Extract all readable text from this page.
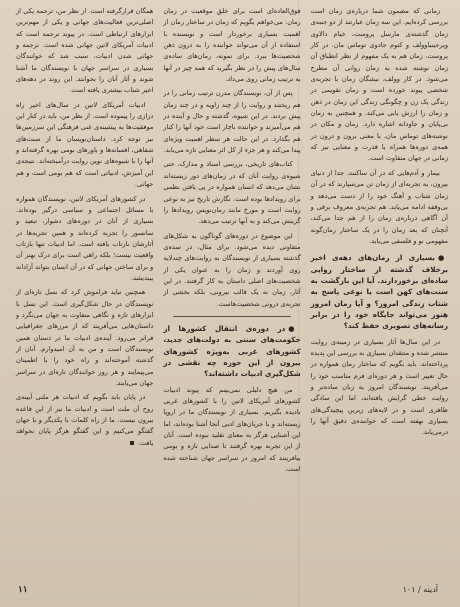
زمانی که مضمون شما درباره‌ی زمان است بررسی کرده‌ایم. این سه زمان عبارتند از دو جنبه‌ی زمان گذشته‌ی مارسل پروست، خیام دالاوی ویرجینیاوولف و کتوم جادوی توماس مان. در کار پروست، زمان هم به یک مفهوم از نظر انطباق آن زمان نوشته شده به زمان روانی آن مطرح می‌شود. در کار وولف، نیشگان زمان با تجربه‌ی شخصی پیوند خورده است و زمان تقویمی در زندگی یک زن و چگونگی زندگی این زمان در ذهن و زمان را ارزش یابی می‌کند. و همچنین به زمان بی‌پایان و جاودانه اشاره دارد. زمان و مکان در نوشته‌های توماس مان، با معنی برون و درون در همه‌ی دوره‌ها همراه با قدرت و معنایی نیز که زمانی در جهان متفاوت است.

بیمار و آدم‌هایی که در آن ساکنند، جدا از دنیای بیرون، به تجربه‌ای از زمان تن می‌سپارند که در آن زمان شتاب و آهنگ خود را از دست می‌دهد و بی‌وقفه ادامه می‌یابد. هم تجربه‌ی معروف برقی و آن آگاهی درباره‌ی زمان را از هم جدا می‌کند، آنچنان که بعد زمان را در یک ساختار رمان‌گونه مفهومی نو و فلسفی می‌یابد.

●بسیاری از رمان‌های دهه‌ی اخیر برخلاف گذشته از ساختار روایی ساده‌ای برخوردارند. آیا این بازگشت به سنت‌های کهن است یا نوعی پاسخ به شتاب زندگی امروز؟ و آیا رمان امروز هنوز می‌تواند جایگاه خود را در برابر رسانه‌های تصویری حفظ کند؟

در این سال‌ها آثار بسیاری در زمینه‌ی روایت منتشر شده و منتقدان بسیاری به بررسی این پدیده پرداخته‌اند. باید بگویم که ساختار رمان همواره در حال تغییر است و هر دوره‌ای فرم مناسب خود را می‌آفریند. نویسندگان امروز به زبان ساده‌تر و روایت خطی گرایش یافته‌اند، اما این سادگی ظاهری است و در لایه‌های زیرین پیچیدگی‌های بسیاری نهفته است که خواننده‌ی دقیق آنها را درمی‌یابد.

فوق‌العاده‌ای است برای خلق موقعیت در زمان رمان. می‌خواهم بگویم که زمان در ساختار رمان از اهمیت بسیاری برخوردار است و نویسنده با استفاده از آن می‌تواند خواننده را به درون ذهن شخصیت‌ها ببرد. برای نمونه، رمان‌های ساده‌ی سال‌های پیش را در نظر بگیرید که همه چیز در آنها به ترتیب زمانی روی می‌داد.

پس از آن، نویسندگان مدرن ترتیب زمانی را در هم ریختند و روایت را از چند زاویه و در چند زمان پیش بردند. در این شیوه، گذشته و حال و آینده در هم می‌آمیزند و خواننده ناچار است خود آنها را کنار هم بگذارد. در این حالت هر سطر اهمیت ویژه‌ای پیدا می‌کند و هر جزء از کل اثر معنایی تازه می‌یابد.

کتاب‌های تاریخی، بررسی اسناد و مدارک، حتی شیوه‌ی روایت آنان که در زمان‌های دور زیسته‌اند نشان می‌دهد که انسان همواره در پی یافتن نظمی برای رویدادها بوده است. نگارش تاریخ نیز به نوعی روایت است و مورخ مانند رمان‌نویس رویدادها را گزینش می‌کند و به آنها ترتیب می‌دهد.

این موضوع در دوره‌های گوناگون به شکل‌های متفاوتی دیده می‌شود. برای مثال، در سده‌ی گذشته بسیاری از نویسندگان به روایت‌های چندلایه روی آوردند و زمان را به عنوان یکی از شخصیت‌های اصلی داستان به کار گرفتند. در این آثار، زمان نه یک قالب بیرونی، بلکه بخشی از تجربه‌ی درونی شخصیت‌هاست.

●در دوره‌ی انتقال کشورها از حکومت‌های سنتی به دولت‌های جدید، کشورهای غربی به‌ویژه کشورهای بیرون از این حوزه چه نقشی در شکل‌گیری ادبیات داشته‌اند؟

من هیچ دلیلی نمی‌بینم که پیوند ادبیات کشورهای آمریکای لاتین را با کشورهای غربی نادیده بگیریم. بسیاری از نویسندگان ما در اروپا زیسته‌اند و با جریان‌های ادبی آنجا آشنا بوده‌اند، اما این آشنایی هرگز به معنای تقلید نبوده است. آنان از این تجربه بهره گرفتند تا صدایی تازه و بومی بیافرینند که امروز در سراسر جهان شناخته شده است.

همگان قرارگرفته است. از نظر من، ترجمه یکی از اصلی‌ترین فعالیت‌های جهانی و یکی از مهم‌ترین ابزارهای ارتباطی است. در پیوند ترجمه است که ادبیات آمریکای لاتین جهانی شده است. ترجمه و جهانی شدن ادبیات، سبب شد که خوانندگان بسیاری در سراسر جهان با نویسندگان ما آشنا شوند و آثار آنان را بخوانند. این روند در دهه‌های اخیر شتاب بیشتری یافته است.

ادبیات آمریکای لاتین در سال‌های اخیر راه درازی را پیموده است. از نظر من، باید در کنار این موفقیت‌ها به پیشینه‌ی غنی فرهنگی این سرزمین‌ها نیز توجه کرد. داستان‌نویسان ما از سنت‌های شفاهی، افسانه‌ها و باورهای بومی بهره گرفته‌اند و آنها را با شیوه‌های نوین روایت درآمیخته‌اند. نتیجه‌ی این آمیزش، ادبیاتی است که هم بومی است و هم جهانی.

در کشورهای آمریکای لاتین، نویسندگان همواره با مسائل اجتماعی و سیاسی درگیر بوده‌اند. بسیاری از آنان در دوره‌های دشوار، تبعید و سانسور را تجربه کرده‌اند و همین تجربه‌ها در آثارشان بازتاب یافته است. اما ادبیات تنها بازتاب واقعیت نیست؛ بلکه راهی است برای درک بهتر آن و برای ساختن جهانی که در آن انسان بتواند آزادانه بیندیشد.

همچنین نباید فراموش کرد که نسل تازه‌ای از نویسندگان در حال شکل‌گیری است. این نسل با ابزارهای تازه و نگاهی متفاوت به جهان می‌نگرد و داستان‌هایی می‌آفریند که از مرزهای جغرافیایی فراتر می‌رود. آینده‌ی ادبیات ما در دستان همین نویسندگان است و من به آن امیدوارم. آنان از گذشته آموخته‌اند و راه خود را با اطمینان می‌پیمایند و هر روز خوانندگان تازه‌ای در سراسر جهان می‌یابند.

در پایان باید بگویم که ادبیات هر ملتی آیینه‌ی روح آن ملت است و ادبیات ما نیز از این قاعده بیرون نیست. ما از راه کلمات با یکدیگر و با جهان گفتگو می‌کنیم و این گفتگو هرگز پایان نخواهد یافت.

۱۱	آدینه / ۱۰۱
